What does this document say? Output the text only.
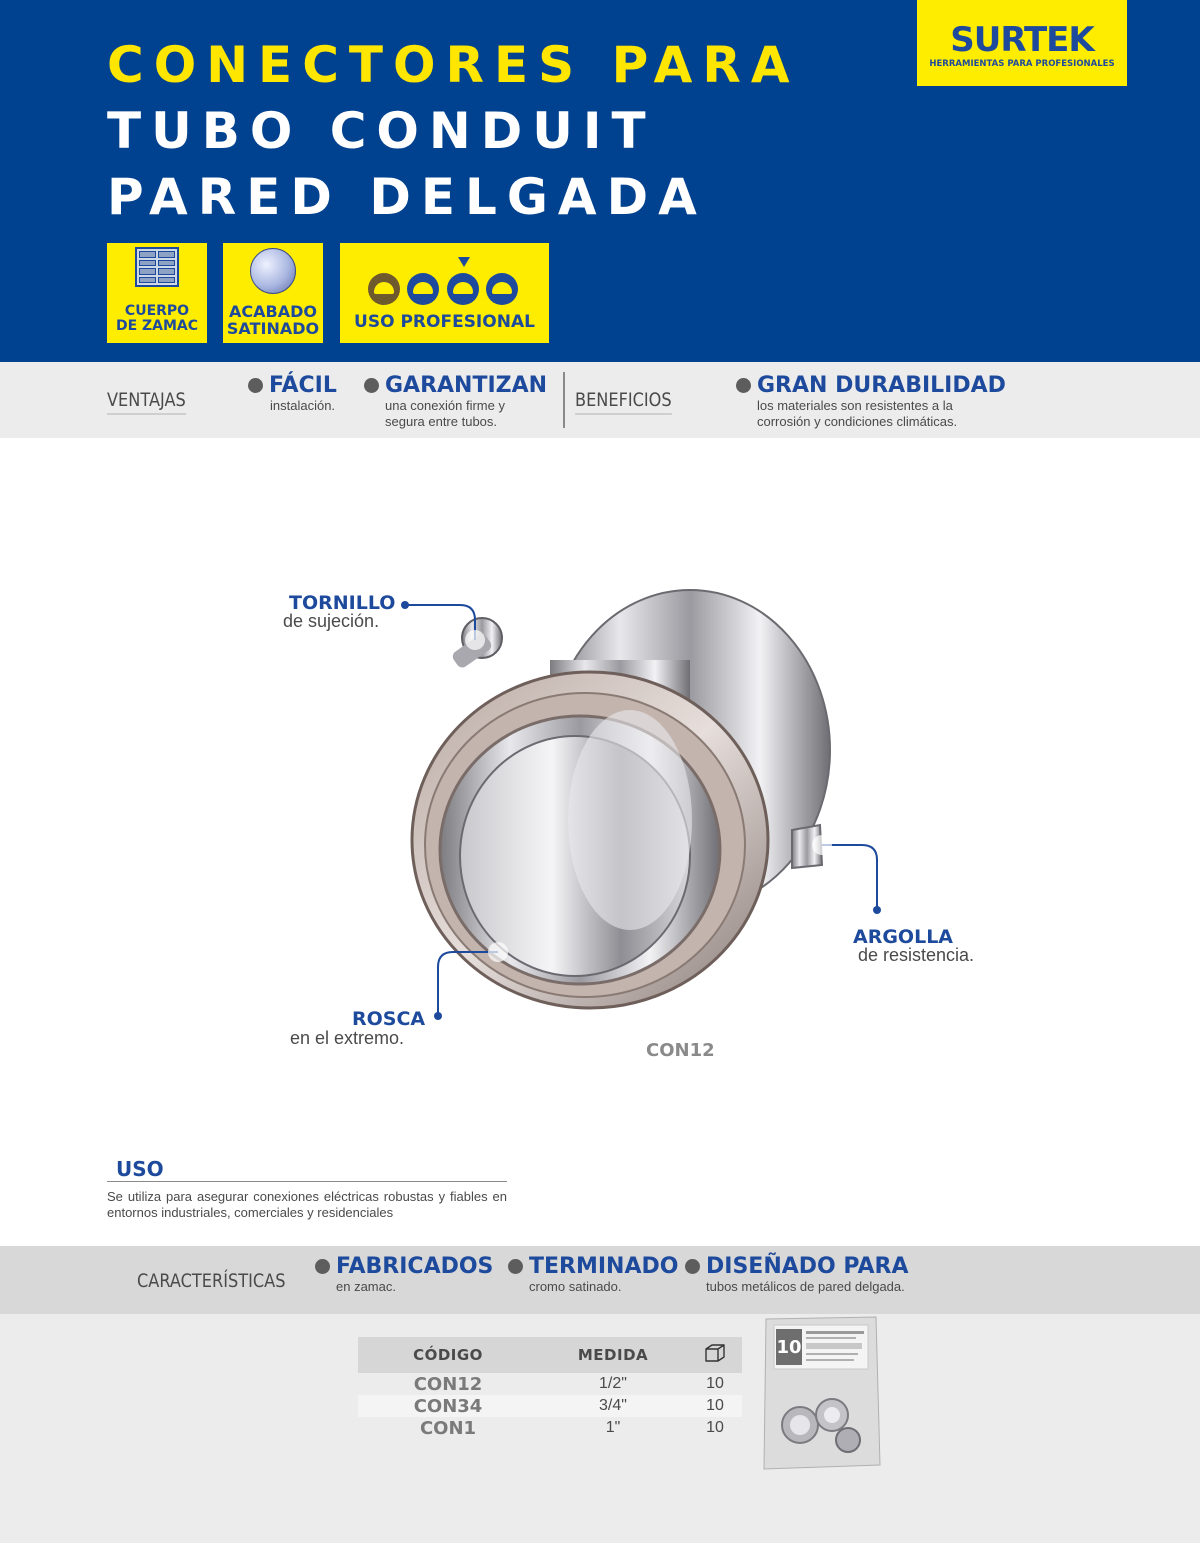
CONECTORES PARA
TUBO CONDUIT
PARED DELGADA
SURTEK
HERRAMIENTAS PARA PROFESIONALES
CUERPO
DE ZAMAC
ACABADO
SATINADO	USO PROFESIONAL
VENTAJAS
FÁCIL
instalación.
GARANTIZAN
una conexión firme y
segura entre tubos.
BENEFICIOS
GRAN DURABILIDAD
los materiales son resistentes a la
corrosión y condiciones climáticas.
TORNILLO
de sujeción.
ARGOLLA
de resistencia.
ROSCA
en el extremo.
CON12
USO
Se utiliza para asegurar conexiones eléctricas robustas y fiables en entornos industriales, comerciales y residenciales
CARACTERÍSTICAS
FABRICADOS
en zamac.
TERMINADO
cromo satinado.
DISEÑADO PARA
tubos metálicos de pared delgada.
CÓDIGO	MEDIDA	
CON12	1/2"	10
CON34	3/4"	10
CON1	1"	10
10
